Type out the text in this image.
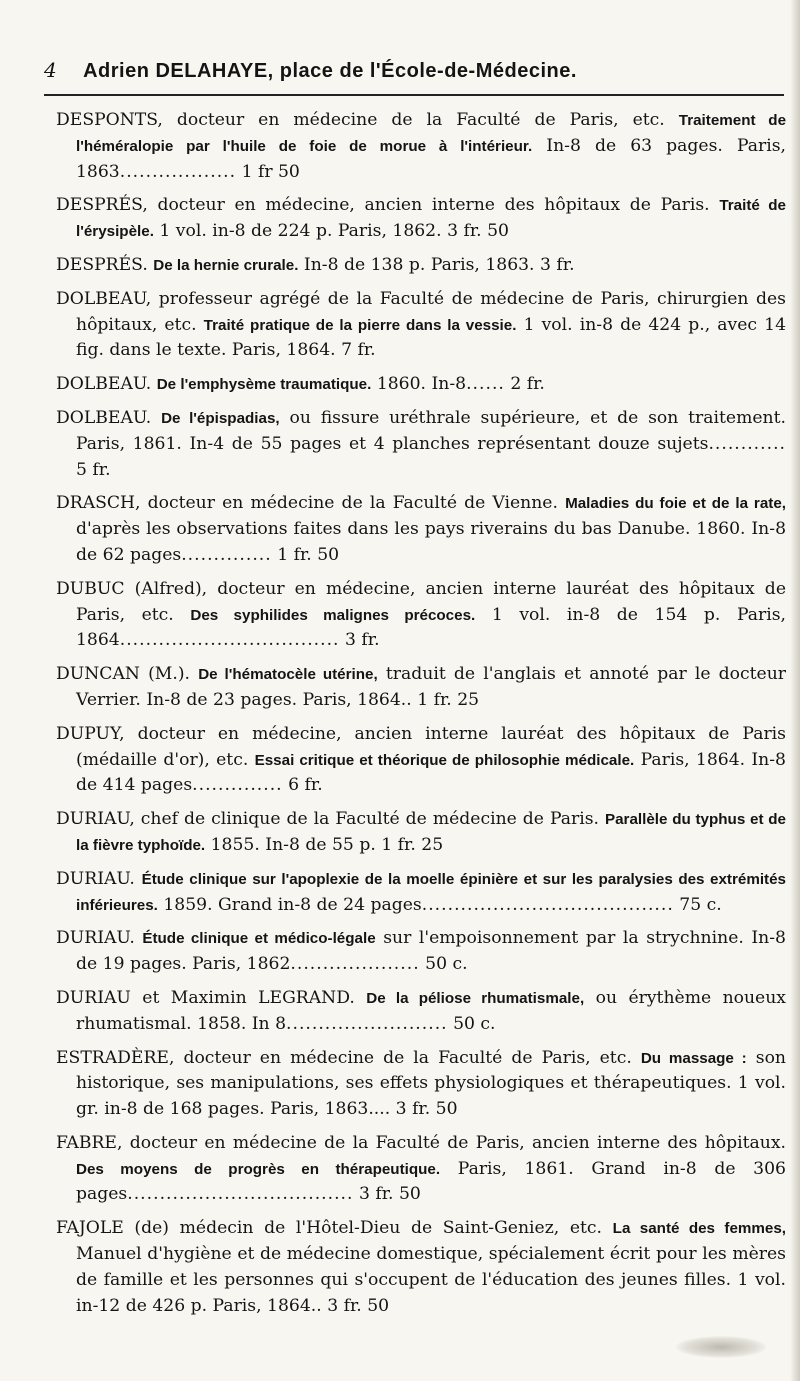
4 Adrien DELAHAYE, place de l'École-de-Médecine.

DESPONTS, docteur en médecine de la Faculté de Paris, etc. Traitement de l'héméralopie par l'huile de foie de morue à l'intérieur. In-8 de 63 pages. Paris, 1863.................. 1 fr 50

DESPRÉS, docteur en médecine, ancien interne des hôpitaux de Paris. Traité de l'érysipèle. 1 vol. in-8 de 224 p. Paris, 1862. 3 fr. 50

DESPRÉS. De la hernie crurale. In-8 de 138 p. Paris, 1863. 3 fr.

DOLBEAU, professeur agrégé de la Faculté de médecine de Paris, chirurgien des hôpitaux, etc. Traité pratique de la pierre dans la vessie. 1 vol. in-8 de 424 p., avec 14 fig. dans le texte. Paris, 1864. 7 fr.

DOLBEAU. De l'emphysème traumatique. 1860. In-8...... 2 fr.

DOLBEAU. De l'épispadias, ou fissure uréthrale supérieure, et de son traitement. Paris, 1861. In-4 de 55 pages et 4 planches représentant douze sujets............ 5 fr.

DRASCH, docteur en médecine de la Faculté de Vienne. Maladies du foie et de la rate, d'après les observations faites dans les pays riverains du bas Danube. 1860. In-8 de 62 pages.............. 1 fr. 50

DUBUC (Alfred), docteur en médecine, ancien interne lauréat des hôpitaux de Paris, etc. Des syphilides malignes précoces. 1 vol. in-8 de 154 p. Paris, 1864.................................. 3 fr.

DUNCAN (M.). De l'hématocèle utérine, traduit de l'anglais et annoté par le docteur Verrier. In-8 de 23 pages. Paris, 1864.. 1 fr. 25

DUPUY, docteur en médecine, ancien interne lauréat des hôpitaux de Paris (médaille d'or), etc. Essai critique et théorique de philosophie médicale. Paris, 1864. In-8 de 414 pages.............. 6 fr.

DURIAU, chef de clinique de la Faculté de médecine de Paris. Parallèle du typhus et de la fièvre typhoïde. 1855. In-8 de 55 p. 1 fr. 25

DURIAU. Étude clinique sur l'apoplexie de la moelle épinière et sur les paralysies des extrémités inférieures. 1859. Grand in-8 de 24 pages....................................... 75 c.

DURIAU. Étude clinique et médico-légale sur l'empoisonnement par la strychnine. In-8 de 19 pages. Paris, 1862.................... 50 c.

DURIAU et Maximin LEGRAND. De la péliose rhumatismale, ou érythème noueux rhumatismal. 1858. In 8......................... 50 c.

ESTRADÈRE, docteur en médecine de la Faculté de Paris, etc. Du massage : son historique, ses manipulations, ses effets physiologiques et thérapeutiques. 1 vol. gr. in-8 de 168 pages. Paris, 1863.... 3 fr. 50

FABRE, docteur en médecine de la Faculté de Paris, ancien interne des hôpitaux. Des moyens de progrès en thérapeutique. Paris, 1861. Grand in-8 de 306 pages................................... 3 fr. 50

FAJOLE (de) médecin de l'Hôtel-Dieu de Saint-Geniez, etc. La santé des femmes, Manuel d'hygiène et de médecine domestique, spécialement écrit pour les mères de famille et les personnes qui s'occupent de l'éducation des jeunes filles. 1 vol. in-12 de 426 p. Paris, 1864.. 3 fr. 50
